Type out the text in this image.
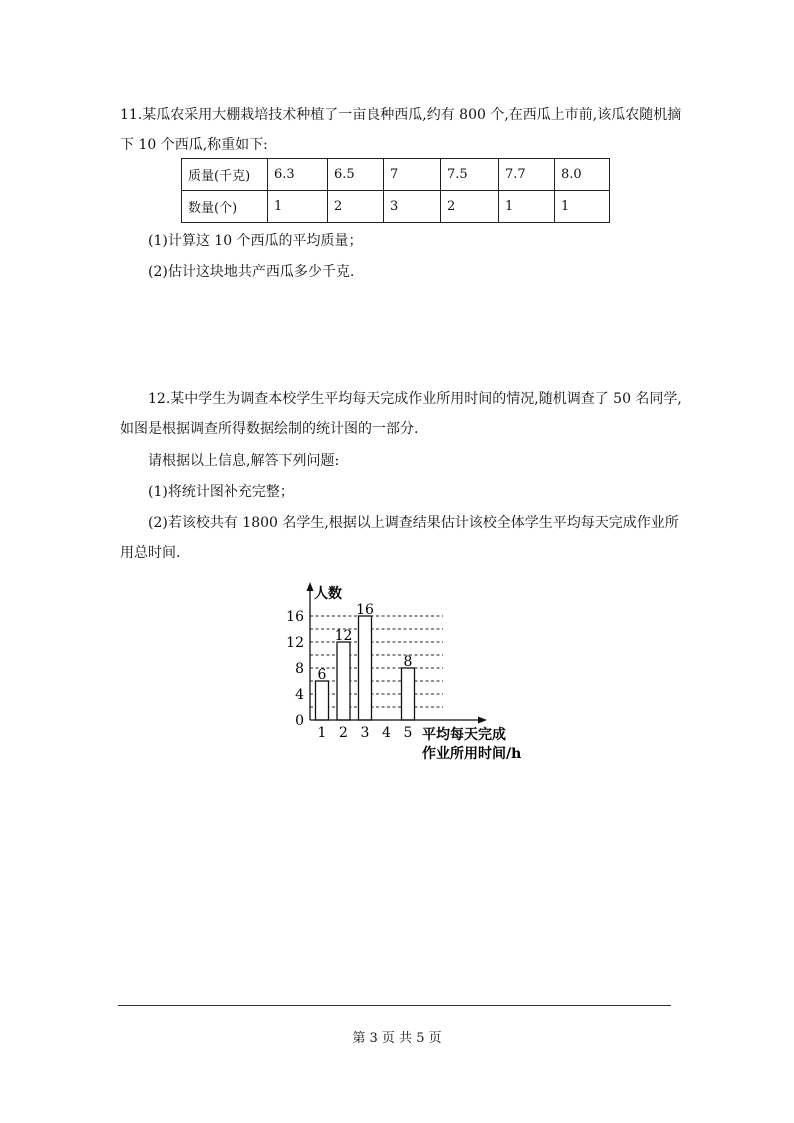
11.某瓜农采用大棚栽培技术种植了一亩良种西瓜,约有 800 个,在西瓜上市前,该瓜农随机摘
下 10 个西瓜,称重如下:
质量(千克)	6.3	6.5	7	7.5	7.7	8.0
数量(个)	1	2	3	2	1	1
(1)计算这 10 个西瓜的平均质量；
(2)估计这块地共产西瓜多少千克.
12.某中学生为调查本校学生平均每天完成作业所用时间的情况,随机调查了 50 名同学,
如图是根据调查所得数据绘制的统计图的一部分.
请根据以上信息,解答下列问题:
(1)将统计图补充完整；
(2)若该校共有 1800 名学生,根据以上调查结果估计该校全体学生平均每天完成作业所
用总时间.
0
4
8
12
16
1 2 3 4 5
6
12
16
8
人数
平均每天完成
作业所用时间/h
第 3 页 共 5 页
